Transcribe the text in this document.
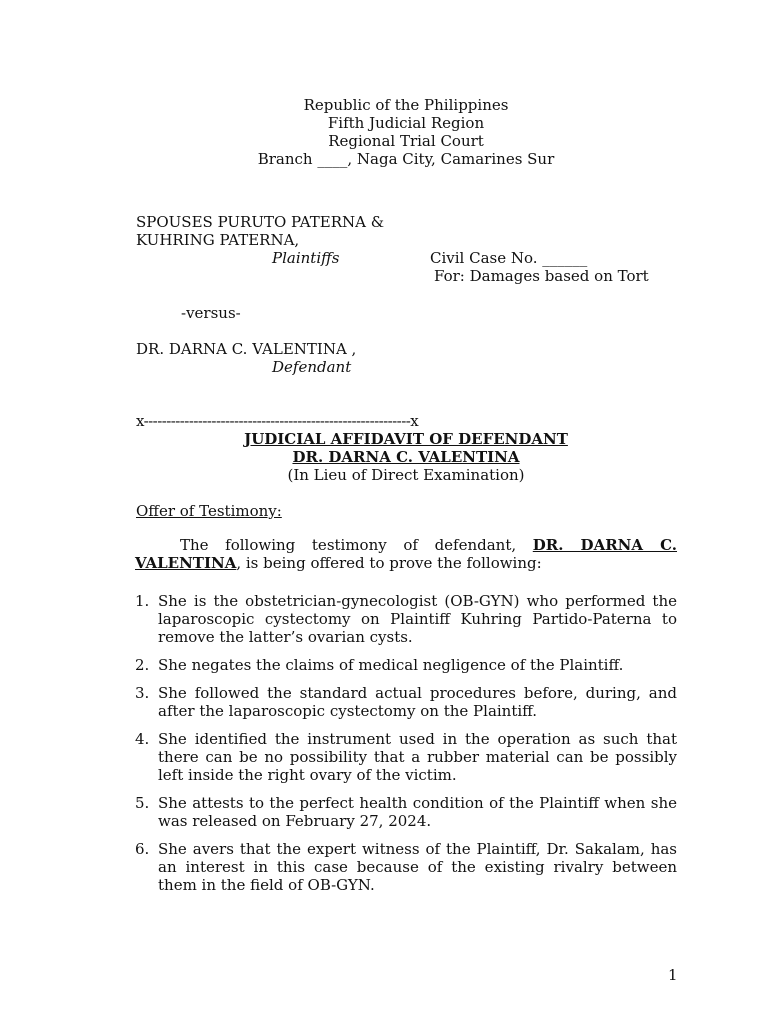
Republic of the Philippines
Fifth Judicial Region
Regional Trial Court
Branch ____, Naga City, Camarines Sur
SPOUSES PURUTO PATERNA &
KUHRING PATERNA,
Plaintiffs	Civil Case No. ______
For: Damages based on Tort
-versus-
DR. DARNA C. VALENTINA ,
Defendant
x-----------------------------------------------------------x
JUDICIAL AFFIDAVIT OF DEFENDANT
DR. DARNA C. VALENTINA
(In Lieu of Direct Examination)
Offer of Testimony:
The following testimony of defendant, DR. DARNA C. VALENTINA, is being offered to prove the following:
1. She is the obstetrician-gynecologist (OB-GYN) who performed the laparoscopic cystectomy on Plaintiff Kuhring Partido-Paterna to remove the latter’s ovarian cysts.
2. She negates the claims of medical negligence of the Plaintiff.
3. She followed the standard actual procedures before, during, and after the laparoscopic cystectomy on the Plaintiff.
4. She identified the instrument used in the operation as such that there can be no possibility that a rubber material can be possibly left inside the right ovary of the victim.
5. She attests to the perfect health condition of the Plaintiff when she was released on February 27, 2024.
6. She avers that the expert witness of the Plaintiff, Dr. Sakalam, has an interest in this case because of the existing rivalry between them in the field of OB-GYN.
1
